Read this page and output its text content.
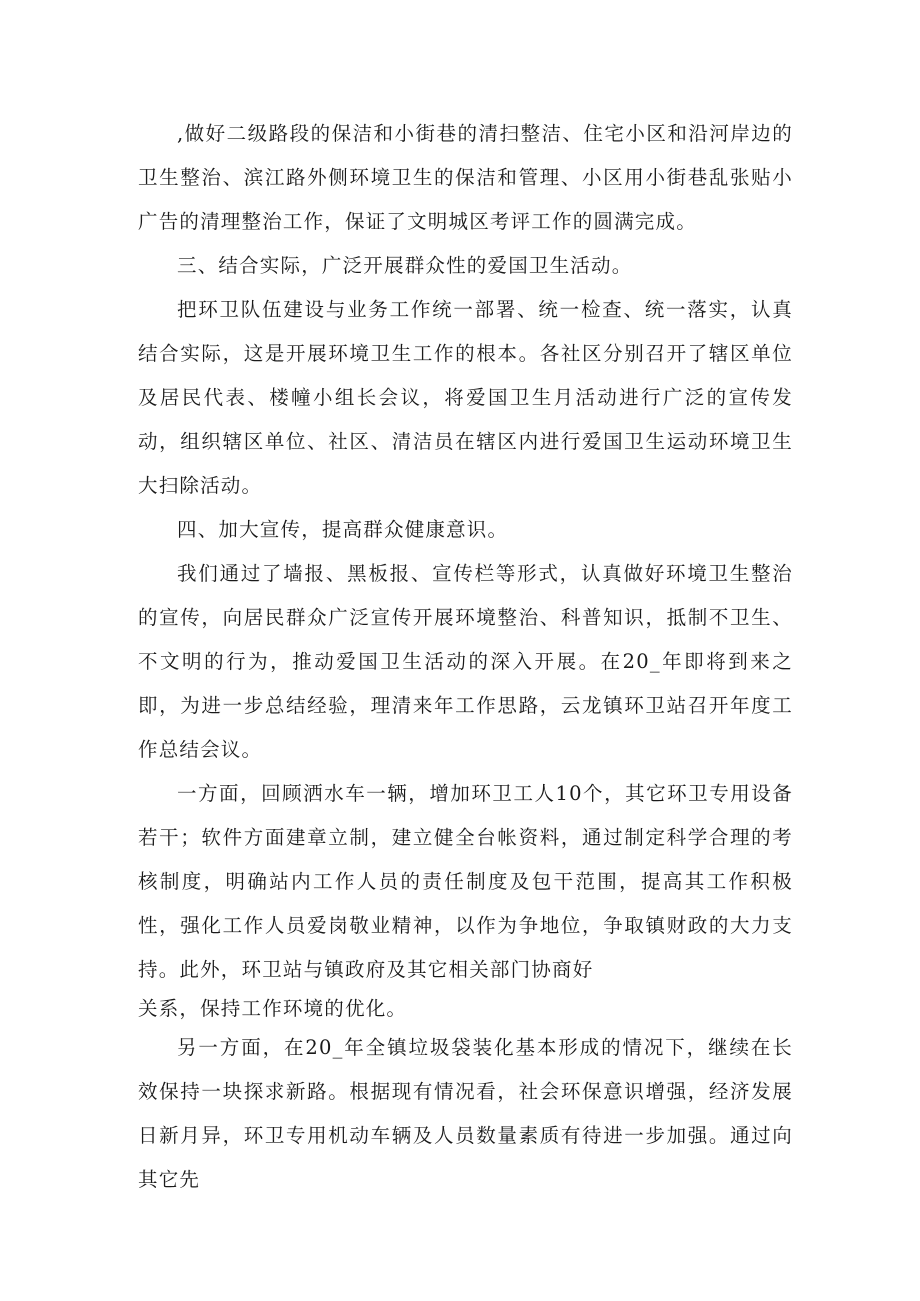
,做好二级路段的保洁和小街巷的清扫整洁、住宅小区和沿河岸边的卫生整治、滨江路外侧环境卫生的保洁和管理、小区用小街巷乱张贴小广告的清理整治工作，保证了文明城区考评工作的圆满完成。

三、结合实际，广泛开展群众性的爱国卫生活动。

把环卫队伍建设与业务工作统一部署、统一检查、统一落实，认真结合实际，这是开展环境卫生工作的根本。各社区分别召开了辖区单位及居民代表、楼幢小组长会议，将爱国卫生月活动进行广泛的宣传发动，组织辖区单位、社区、清洁员在辖区内进行爱国卫生运动环境卫生大扫除活动。

四、加大宣传，提高群众健康意识。

我们通过了墙报、黑板报、宣传栏等形式，认真做好环境卫生整治的宣传，向居民群众广泛宣传开展环境整治、科普知识，抵制不卫生、不文明的行为，推动爱国卫生活动的深入开展。在20_年即将到来之即，为进一步总结经验，理清来年工作思路，云龙镇环卫站召开年度工作总结会议。

一方面，回顾洒水车一辆，增加环卫工人10个，其它环卫专用设备若干；软件方面建章立制，建立健全台帐资料，通过制定科学合理的考核制度，明确站内工作人员的责任制度及包干范围，提高其工作积极性，强化工作人员爱岗敬业精神，以作为争地位，争取镇财政的大力支持。此外，环卫站与镇政府及其它相关部门协商好

关系，保持工作环境的优化。

另一方面，在20_年全镇垃圾袋装化基本形成的情况下，继续在长效保持一块探求新路。根据现有情况看，社会环保意识增强，经济发展日新月异，环卫专用机动车辆及人员数量素质有待进一步加强。通过向其它先
